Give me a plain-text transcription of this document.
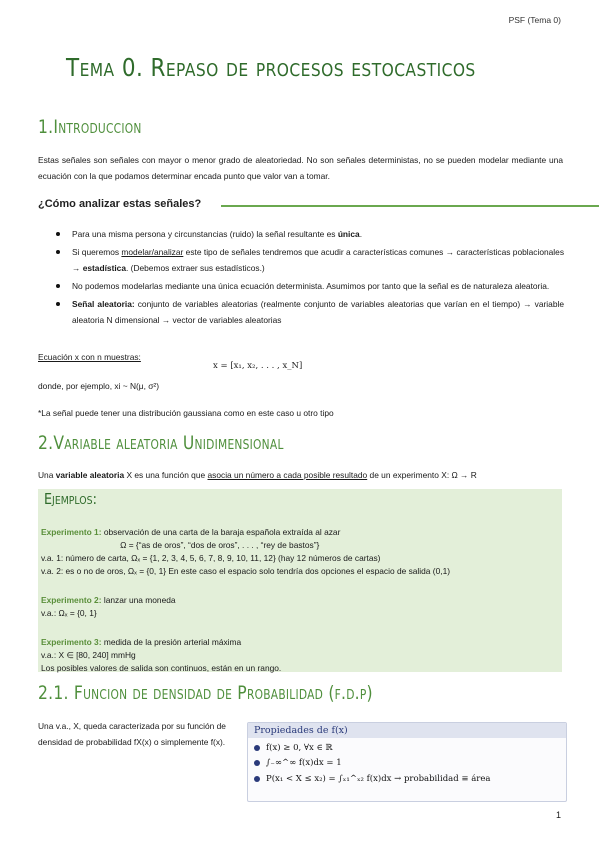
PSF (Tema 0)
Tema 0. Repaso de procesos estocasticos
1.Introduccion
Estas señales son señales con mayor o menor grado de aleatoriedad. No son señales deterministas, no se pueden modelar mediante una ecuación con la que podamos determinar encada punto que valor van a tomar.
¿Cómo analizar estas señales?
Para una misma persona y circunstancias (ruido) la señal resultante es única.
Si queremos modelar/analizar este tipo de señales tendremos que acudir a características comunes → características poblacionales → estadística. (Debemos extraer sus estadísticos.)
No podemos modelarlas mediante una única ecuación determinista. Asumimos por tanto que la señal es de naturaleza aleatoria.
Señal aleatoria: conjunto de variables aleatorias (realmente conjunto de variables aleatorias que varían en el tiempo) → variable aleatoria N dimensional → vector de variables aleatorias
Ecuación x con n muestras:
x = [x₁, x₂, . . . , x_N]
donde, por ejemplo, xi ~ N(μ, σ²)
*La señal puede tener una distribución gaussiana como en este caso u otro tipo
2.Variable aleatoria Unidimensional
Una variable aleatoria X es una función que asocia un número a cada posible resultado de un experimento X: Ω → R
Ejemplos:
Experimento 1: observación de una carta de la baraja española extraída al azar
Ω = {“as de oros”, “dos de oros”, . . . , “rey de bastos”}
v.a. 1: número de carta, Ωₓ = {1, 2, 3, 4, 5, 6, 7, 8, 9, 10, 11, 12} (hay 12 números de cartas)
v.a. 2: es o no de oros, Ωₓ = {0, 1} En este caso el espacio solo tendría dos opciones el espacio de salida (0,1)
Experimento 2: lanzar una moneda
v.a.: Ωₓ = {0, 1}
Experimento 3: medida de la presión arterial máxima
v.a.: X ∈ [80, 240] mmHg
Los posibles valores de salida son continuos, están en un rango.
2.1. Funcion de densidad de Probabilidad (f.d.p)
Una v.a., X, queda caracterizada por su función de densidad de probabilidad fX(x) o simplemente f(x).
Propiedades de f(x)
f(x) ≥ 0, ∀x ∈ ℝ
∫₋∞^∞ f(x)dx = 1
P(x₁ < X ≤ x₂) = ∫ₓ₁^ₓ₂ f(x)dx → probabilidad ≡ área
1
